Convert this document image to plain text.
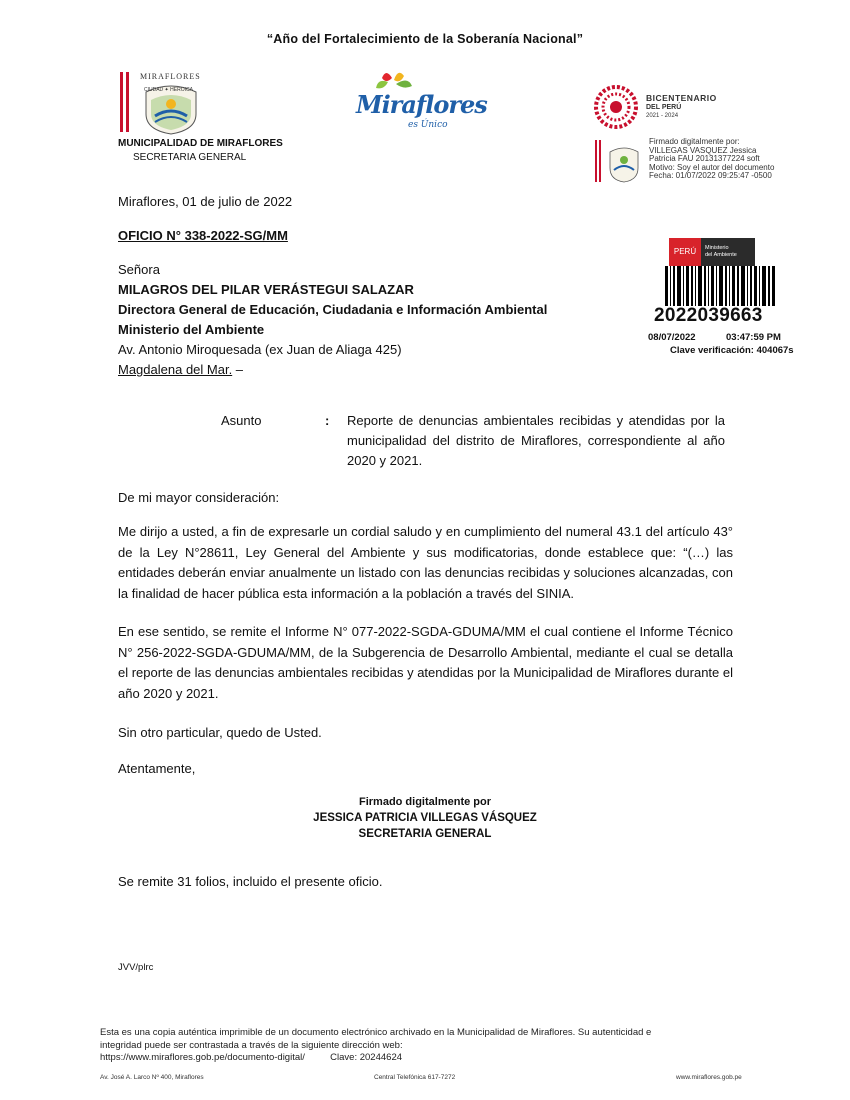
“Año del Fortalecimiento de la Soberanía Nacional”
MIRAFLORES
CIUDAD ✦ HEROICA
MUNICIPALIDAD DE MIRAFLORES
SECRETARIA GENERAL
Miraflores
es Único
BICENTENARIO
DEL PERÚ
2021 - 2024
Firmado digitalmente por:
VILLEGAS VASQUEZ Jessica
Patricia FAU 20131377224 soft
Motivo: Soy el autor del documento
Fecha: 01/07/2022 09:25:47 -0500
PERÚ	Ministerio
del Ambiente
2022039663
08/07/2022	03:47:59 PM
Clave verificación: 404067s
Miraflores, 01 de julio de 2022
OFICIO N° 338-2022-SG/MM
Señora
MILAGROS DEL PILAR VERÁSTEGUI SALAZAR
Directora General de Educación, Ciudadania e Información Ambiental
Ministerio del Ambiente
Av. Antonio Miroquesada (ex Juan de Aliaga 425)
Magdalena del Mar. –
Asunto	: Reporte de denuncias ambientales recibidas y atendidas por la municipalidad del distrito de Miraflores, correspondiente al año 2020 y 2021.
De mi mayor consideración:
Me dirijo a usted, a fin de expresarle un cordial saludo y en cumplimiento del numeral 43.1 del artículo 43° de la Ley N°28611, Ley General del Ambiente y sus modificatorias, donde establece que: “(…) las entidades deberán enviar anualmente un listado con las denuncias recibidas y soluciones alcanzadas, con la finalidad de hacer pública esta información a la población a través del SINIA.
En ese sentido, se remite el Informe N° 077-2022-SGDA-GDUMA/MM el cual contiene el Informe Técnico N° 256-2022-SGDA-GDUMA/MM, de la Subgerencia de Desarrollo Ambiental, mediante el cual se detalla el reporte de las denuncias ambientales recibidas y atendidas por la Municipalidad de Miraflores durante el año 2020 y 2021.
Sin otro particular, quedo de Usted.
Atentamente,
Firmado digitalmente por
JESSICA PATRICIA VILLEGAS VÁSQUEZ
SECRETARIA GENERAL
Se remite 31 folios, incluido el presente oficio.
JVV/plrc
Esta es una copia auténtica imprimible de un documento electrónico archivado en la Municipalidad de Miraflores. Su autenticidad e
integridad puede ser contrastada a través de la siguiente dirección web:
https://www.miraflores.gob.pe/documento-digital/	Clave: 20244624
Av. José A. Larco Nº 400, Miraflores	Central Telefónica 617-7272	www.miraflores.gob.pe
